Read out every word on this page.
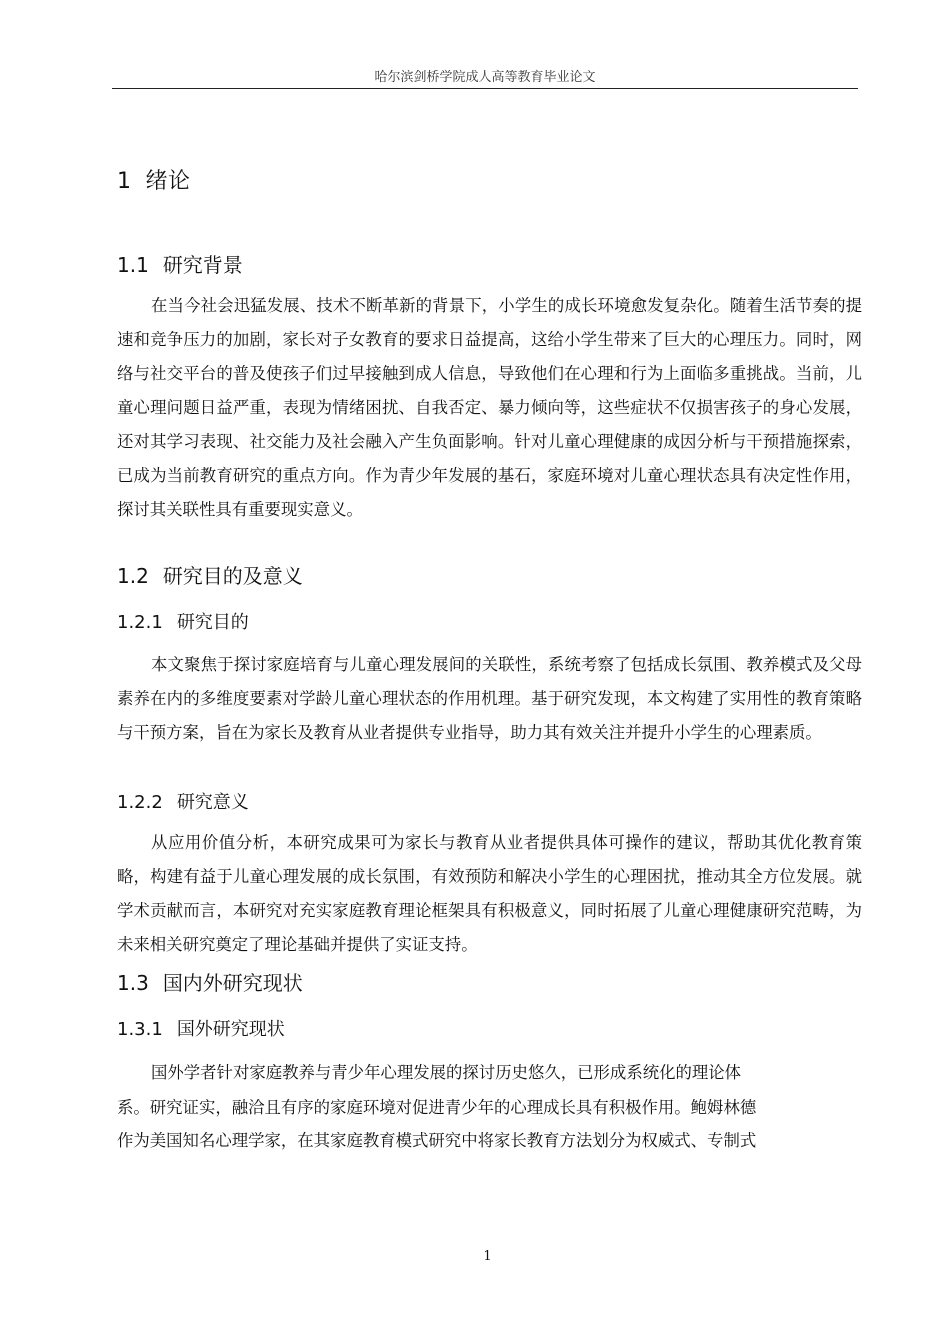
哈尔滨剑桥学院成人高等教育毕业论文
1 绪论
1.1 研究背景

在当今社会迅猛发展、技术不断革新的背景下，小学生的成长环境愈发复杂化。随着生活节奏的提速和竞争压力的加剧，家长对子女教育的要求日益提高，这给小学生带来了巨大的心理压力。同时，网络与社交平台的普及使孩子们过早接触到成人信息，导致他们在心理和行为上面临多重挑战。当前，儿童心理问题日益严重，表现为情绪困扰、自我否定、暴力倾向等，这些症状不仅损害孩子的身心发展，还对其学习表现、社交能力及社会融入产生负面影响。针对儿童心理健康的成因分析与干预措施探索，已成为当前教育研究的重点方向。作为青少年发展的基石，家庭环境对儿童心理状态具有决定性作用，探讨其关联性具有重要现实意义。

1.2 研究目的及意义
1.2.1 研究目的

本文聚焦于探讨家庭培育与儿童心理发展间的关联性，系统考察了包括成长氛围、教养模式及父母素养在内的多维度要素对学龄儿童心理状态的作用机理。基于研究发现，本文构建了实用性的教育策略与干预方案，旨在为家长及教育从业者提供专业指导，助力其有效关注并提升小学生的心理素质。

1.2.2 研究意义

从应用价值分析，本研究成果可为家长与教育从业者提供具体可操作的建议，帮助其优化教育策略，构建有益于儿童心理发展的成长氛围，有效预防和解决小学生的心理困扰，推动其全方位发展。就学术贡献而言，本研究对充实家庭教育理论框架具有积极意义，同时拓展了儿童心理健康研究范畴，为未来相关研究奠定了理论基础并提供了实证支持。

1.3 国内外研究现状
1.3.1 国外研究现状
国外学者针对家庭教养与青少年心理发展的探讨历史悠久，已形成系统化的理论体
系。研究证实，融洽且有序的家庭环境对促进青少年的心理成长具有积极作用。鲍姆林德
作为美国知名心理学家，在其家庭教育模式研究中将家长教育方法划分为权威式、专制式
1
